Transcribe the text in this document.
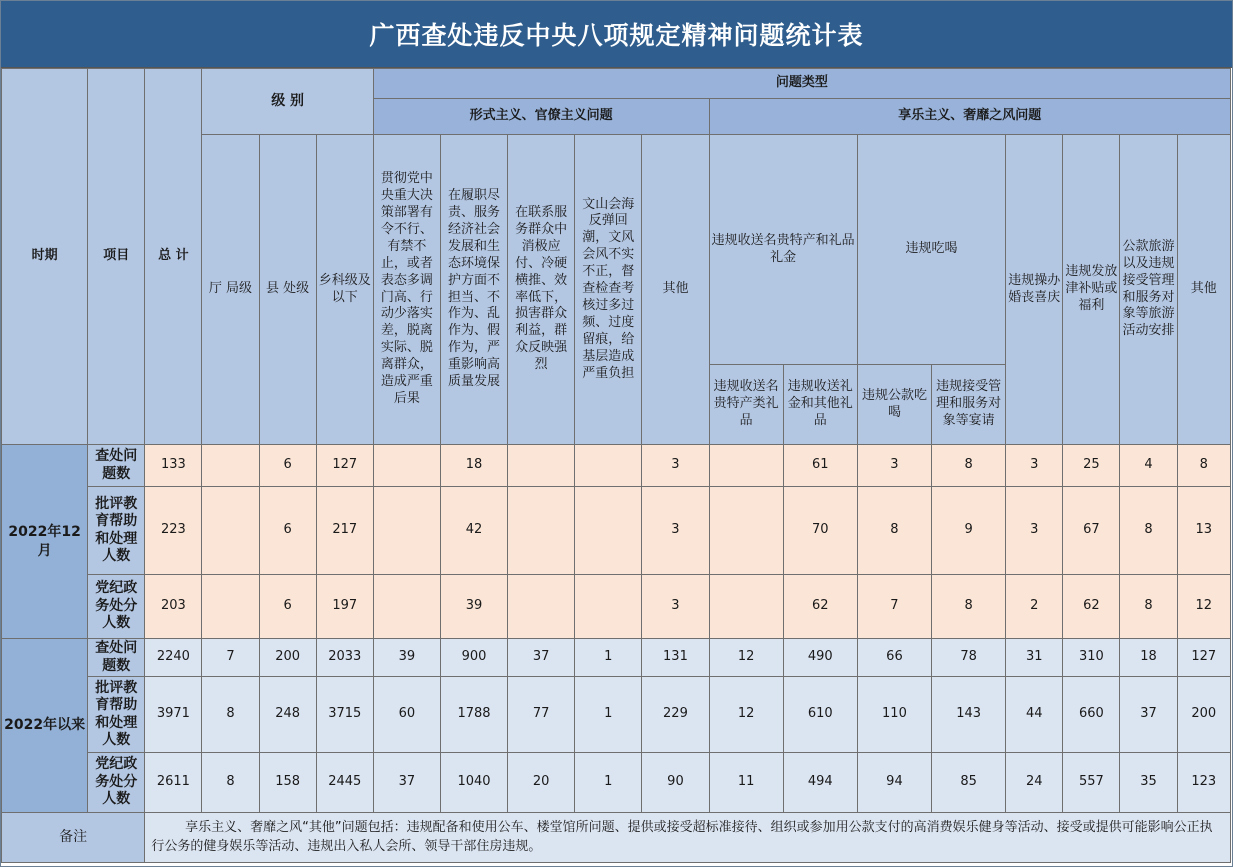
广西查处违反中央八项规定精神问题统计表
时期	项目	总 计	级 别			问题类型												
						形式主义、官僚主义问题					享乐主义、奢靡之风问题							
			厅 局级	县 处级	乡科级及以下	贯彻党中央重大决策部署有令不行、有禁不止，或者表态多调门高、行动少落实差，脱离实际、脱离群众，造成严重后果	在履职尽责、服务经济社会发展和生态环境保护方面不担当、不作为、乱作为、假作为，严重影响高质量发展	在联系服务群众中消极应付、冷硬横推、效率低下，损害群众利益，群众反映强烈	文山会海反弹回潮，文风会风不实不正，督查检查考核过多过频、过度留痕，给基层造成严重负担	其他	违规收送名贵特产和礼品礼金		违规吃喝		违规操办婚丧喜庆	违规发放津补贴或福利	公款旅游以及违规接受管理和服务对象等旅游活动安排	其他
											违规收送名贵特产类礼品	违规收送礼金和其他礼品	违规公款吃喝	违规接受管理和服务对象等宴请				
2022年12月	查处问题数	133		6	127		18			3		61	3	8	3	25	4	8
	批评教育帮助和处理人数	223		6	217		42			3		70	8	9	3	67	8	13
	党纪政务处分人数	203		6	197		39			3		62	7	8	2	62	8	12
2022年以来	查处问题数	2240	7	200	2033	39	900	37	1	131	12	490	66	78	31	310	18	127
	批评教育帮助和处理人数	3971	8	248	3715	60	1788	77	1	229	12	610	110	143	44	660	37	200
	党纪政务处分人数	2611	8	158	2445	37	1040	20	1	90	11	494	94	85	24	557	35	123
备注		享乐主义、奢靡之风“其他”问题包括：违规配备和使用公车、楼堂馆所问题、提供或接受超标准接待、组织或参加用公款支付的高消费娱乐健身等活动、接受或提供可能影响公正执行公务的健身娱乐等活动、违规出入私人会所、领导干部住房违规。																
